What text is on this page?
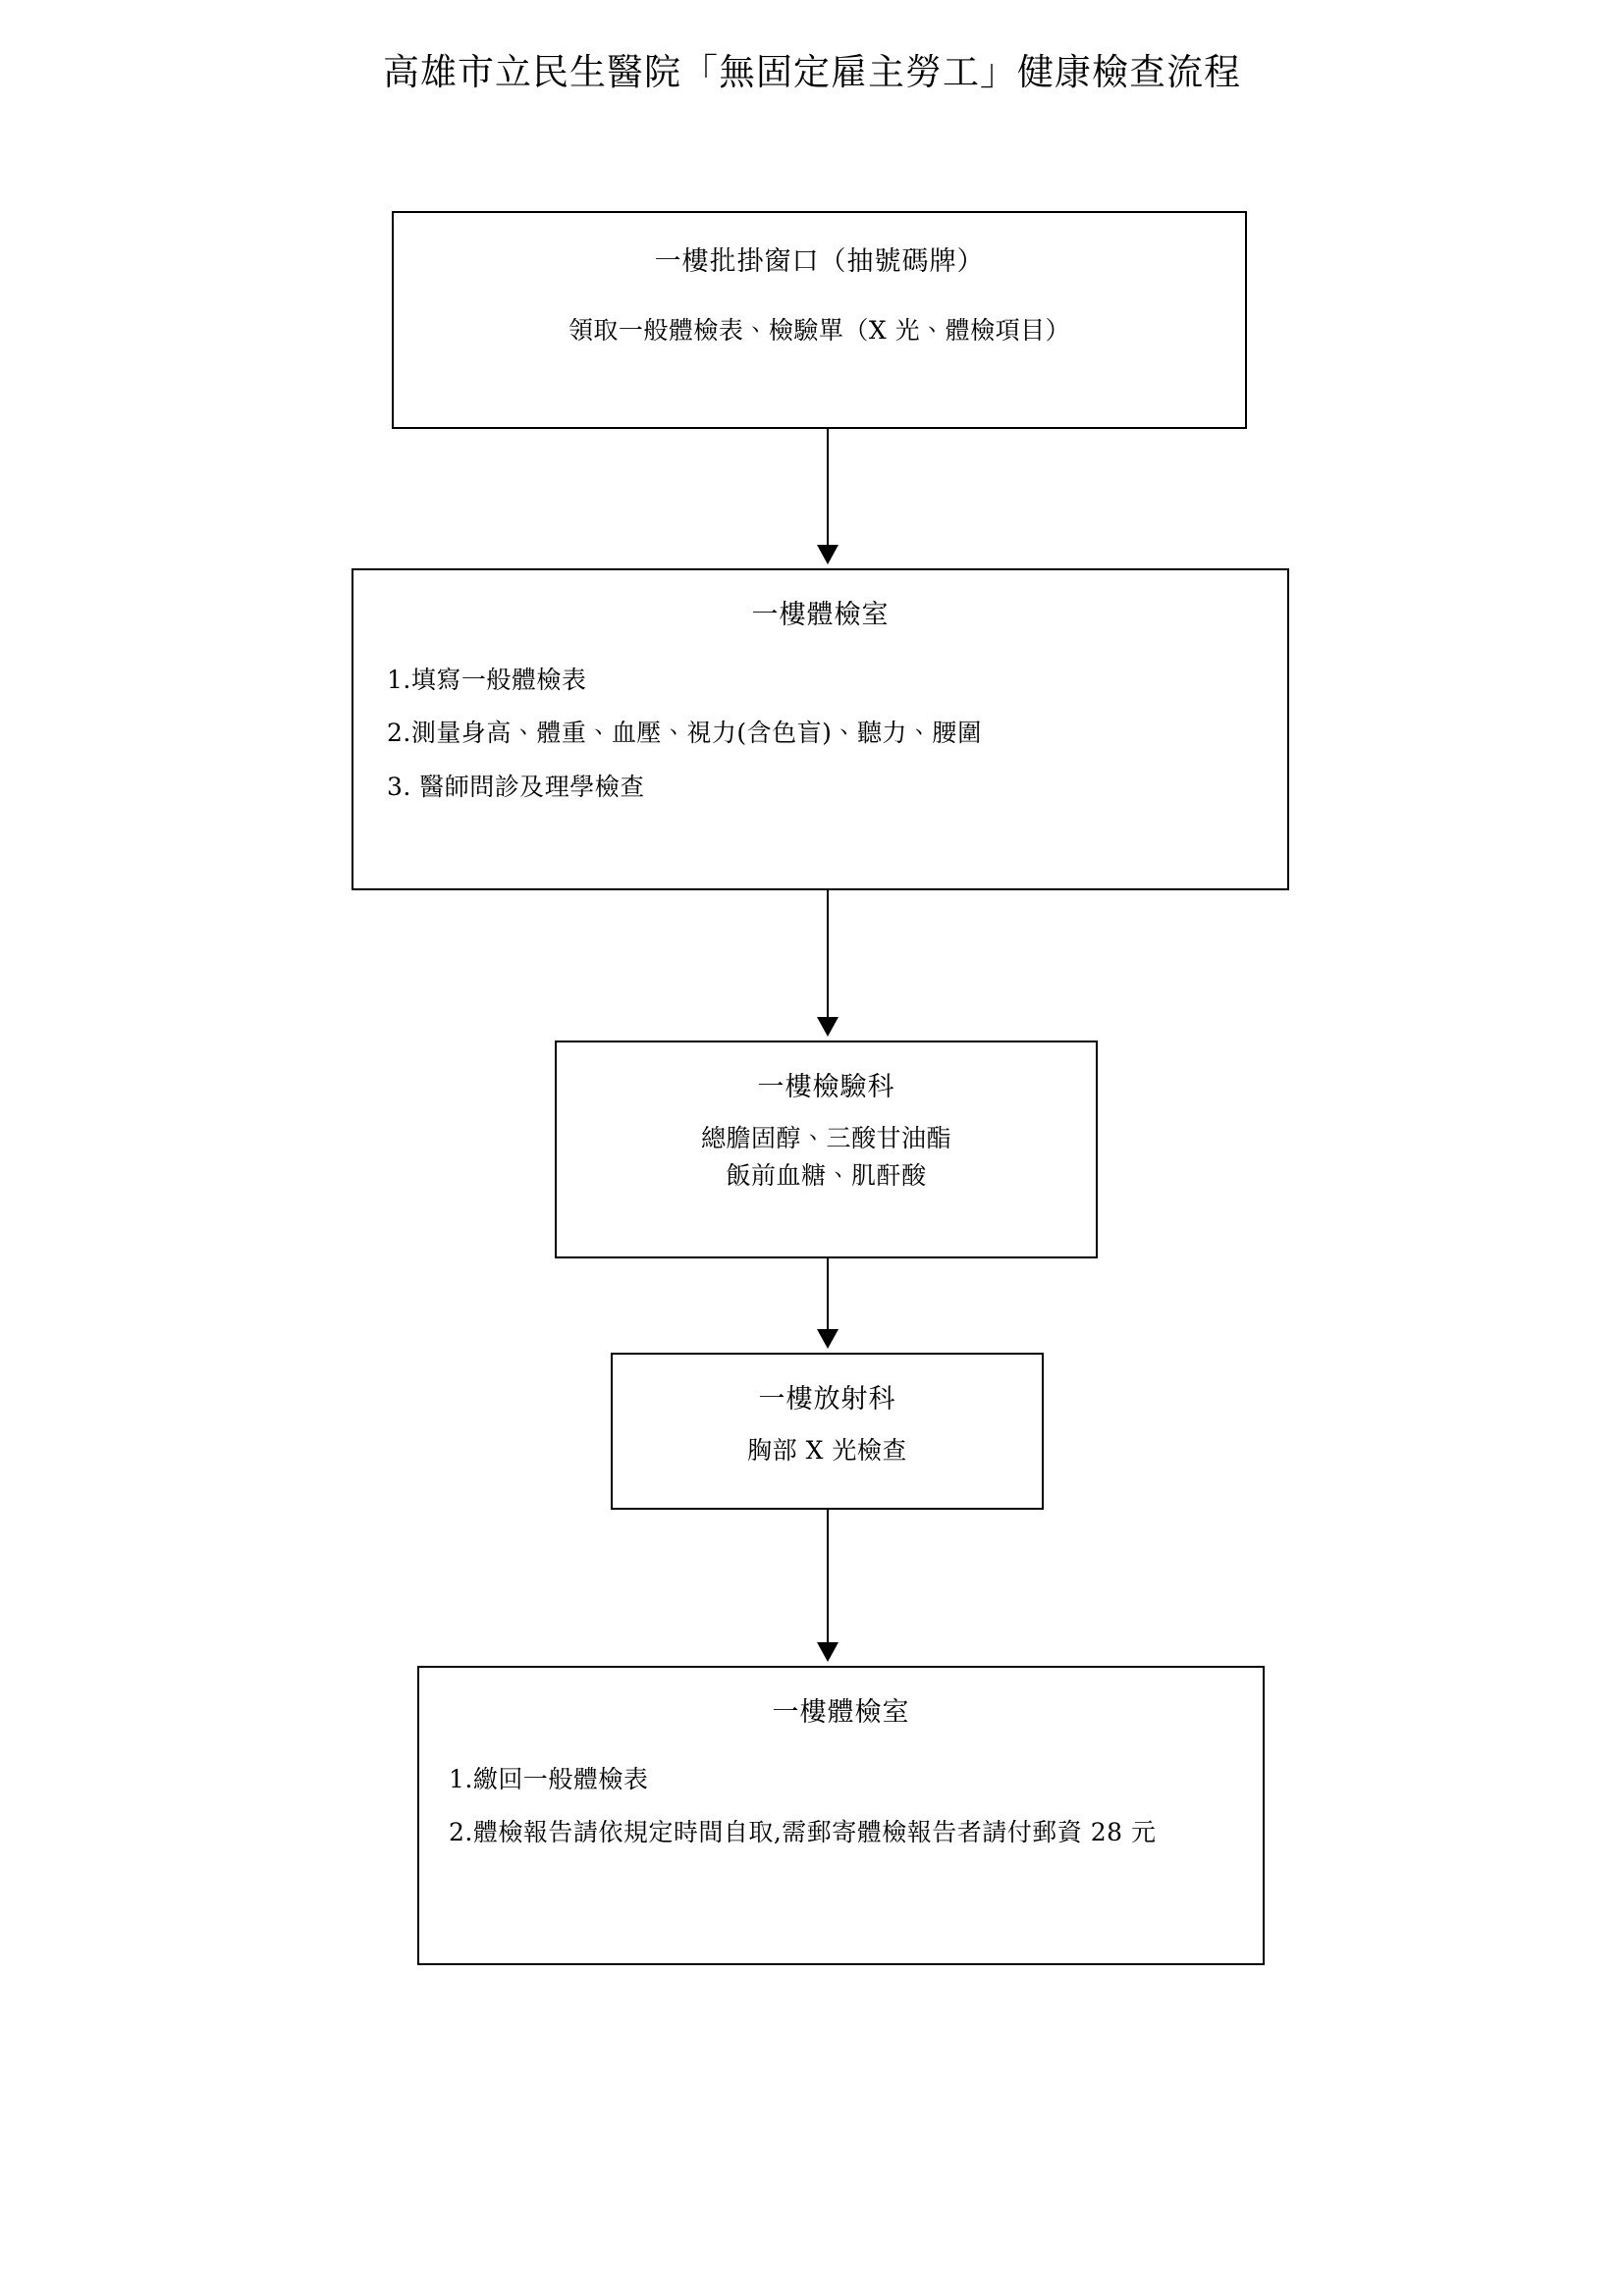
高雄市立民生醫院「無固定雇主勞工」健康檢查流程
一樓批掛窗口（抽號碼牌）
領取一般體檢表、檢驗單（X 光、體檢項目）
一樓體檢室
1.填寫一般體檢表
2.測量身高、體重、血壓、視力(含色盲)、聽力、腰圍
3. 醫師問診及理學檢查
一樓檢驗科
總膽固醇、三酸甘油酯
飯前血糖、肌酐酸
一樓放射科
胸部 X 光檢查
一樓體檢室
1.繳回一般體檢表
2.體檢報告請依規定時間自取,需郵寄體檢報告者請付郵資 28 元
